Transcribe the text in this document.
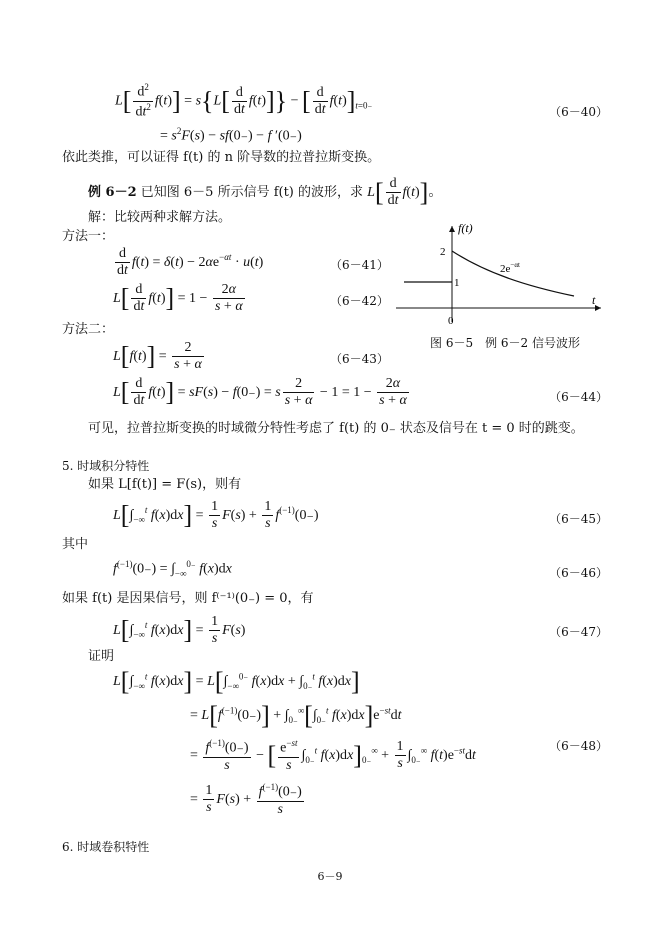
$L[ \frac{d^2}{dt^2} f(t)] = s\{L[ \frac{d}{dt} f(t)]\}$ − [ $\frac{d}{dt} f(t)]_{t=0_-}$	（6－40）
= $s^2F(s) - sf(0_-) - f$ ′(0₋)
依此类推，可以证得 f(t) 的 n 阶导数的拉普拉斯变换。
例 6－2 已知图 6－5 所示信号 f(t) 的波形，求 $L[ \frac{d}{dt} f(t)]$。
解：比较两种求解方法。
方法一：
$\frac{d}{dt} f(t) = \delta(t) - 2\alpha e^{-\alpha t} \cdot u(t)$	（6－41）
$L[ \frac{d}{dt} f(t)] = 1 - \frac{2\alpha}{s + \alpha}$	（6－42）
方法二：
$L[f(t)] = \frac{2}{s + \alpha}$	（6－43）
$L[ \frac{d}{dt} f(t)] = sF(s) - f(0_-) = s \frac{2}{s + \alpha} - 1 = 1 - \frac{2\alpha}{s + \alpha}$	（6－44）
可见，拉普拉斯变换的时域微分特性考虑了 f(t) 的 0₋ 状态及信号在 t = 0 时的跳变。
f(t)
t
0
2
1
$2e^{-\alpha t}$
图 6－5　例 6－2 信号波形
5. 时域积分特性
如果 L[f(t)] = F(s)，则有
$L[\int_{-\infty}^t$ $f(x)dx] = \frac{1}{s} F(s) + \frac{1}{s} f^{(-1)}(0_-)$	（6－45）
其中
$f^{(-1)}(0_-) = \int_{-\infty}^{0_-}$ f(x)dx	（6－46）
如果 f(t) 是因果信号，则 f⁽⁻¹⁾(0₋) = 0，有
$L[\int_{-\infty}^t$ $f(x)dx] = \frac{1}{s} F(s)$	（6－47）
证明
$L[\int_{-\infty}^t$ $f(x)dx] = L[\int_{-\infty}^{0_-}$ $f(x)dx + \int_{0_-}^t$ f(x)dx]
= $L[f^{(-1)}(0_-)] + \int_{0_-}^\infty[\int_{0_-}^t$ $f(x)dx]e^{-st}dt$
= $\frac{f^{(-1)}(0_-)}{s}$ − [ $\frac{e^{-st}}{s} \int_{0_-}^t$ $f(x)dx]_{0_-}^\infty + \frac{1}{s} \int_{0_-}^\infty$ $f(t)e^{-st}dt$
（6－48）
= $\frac{1}{s} F(s) + \frac{f^{(-1)}(0_-)}{s}$
6. 时域卷积特性
6－9
